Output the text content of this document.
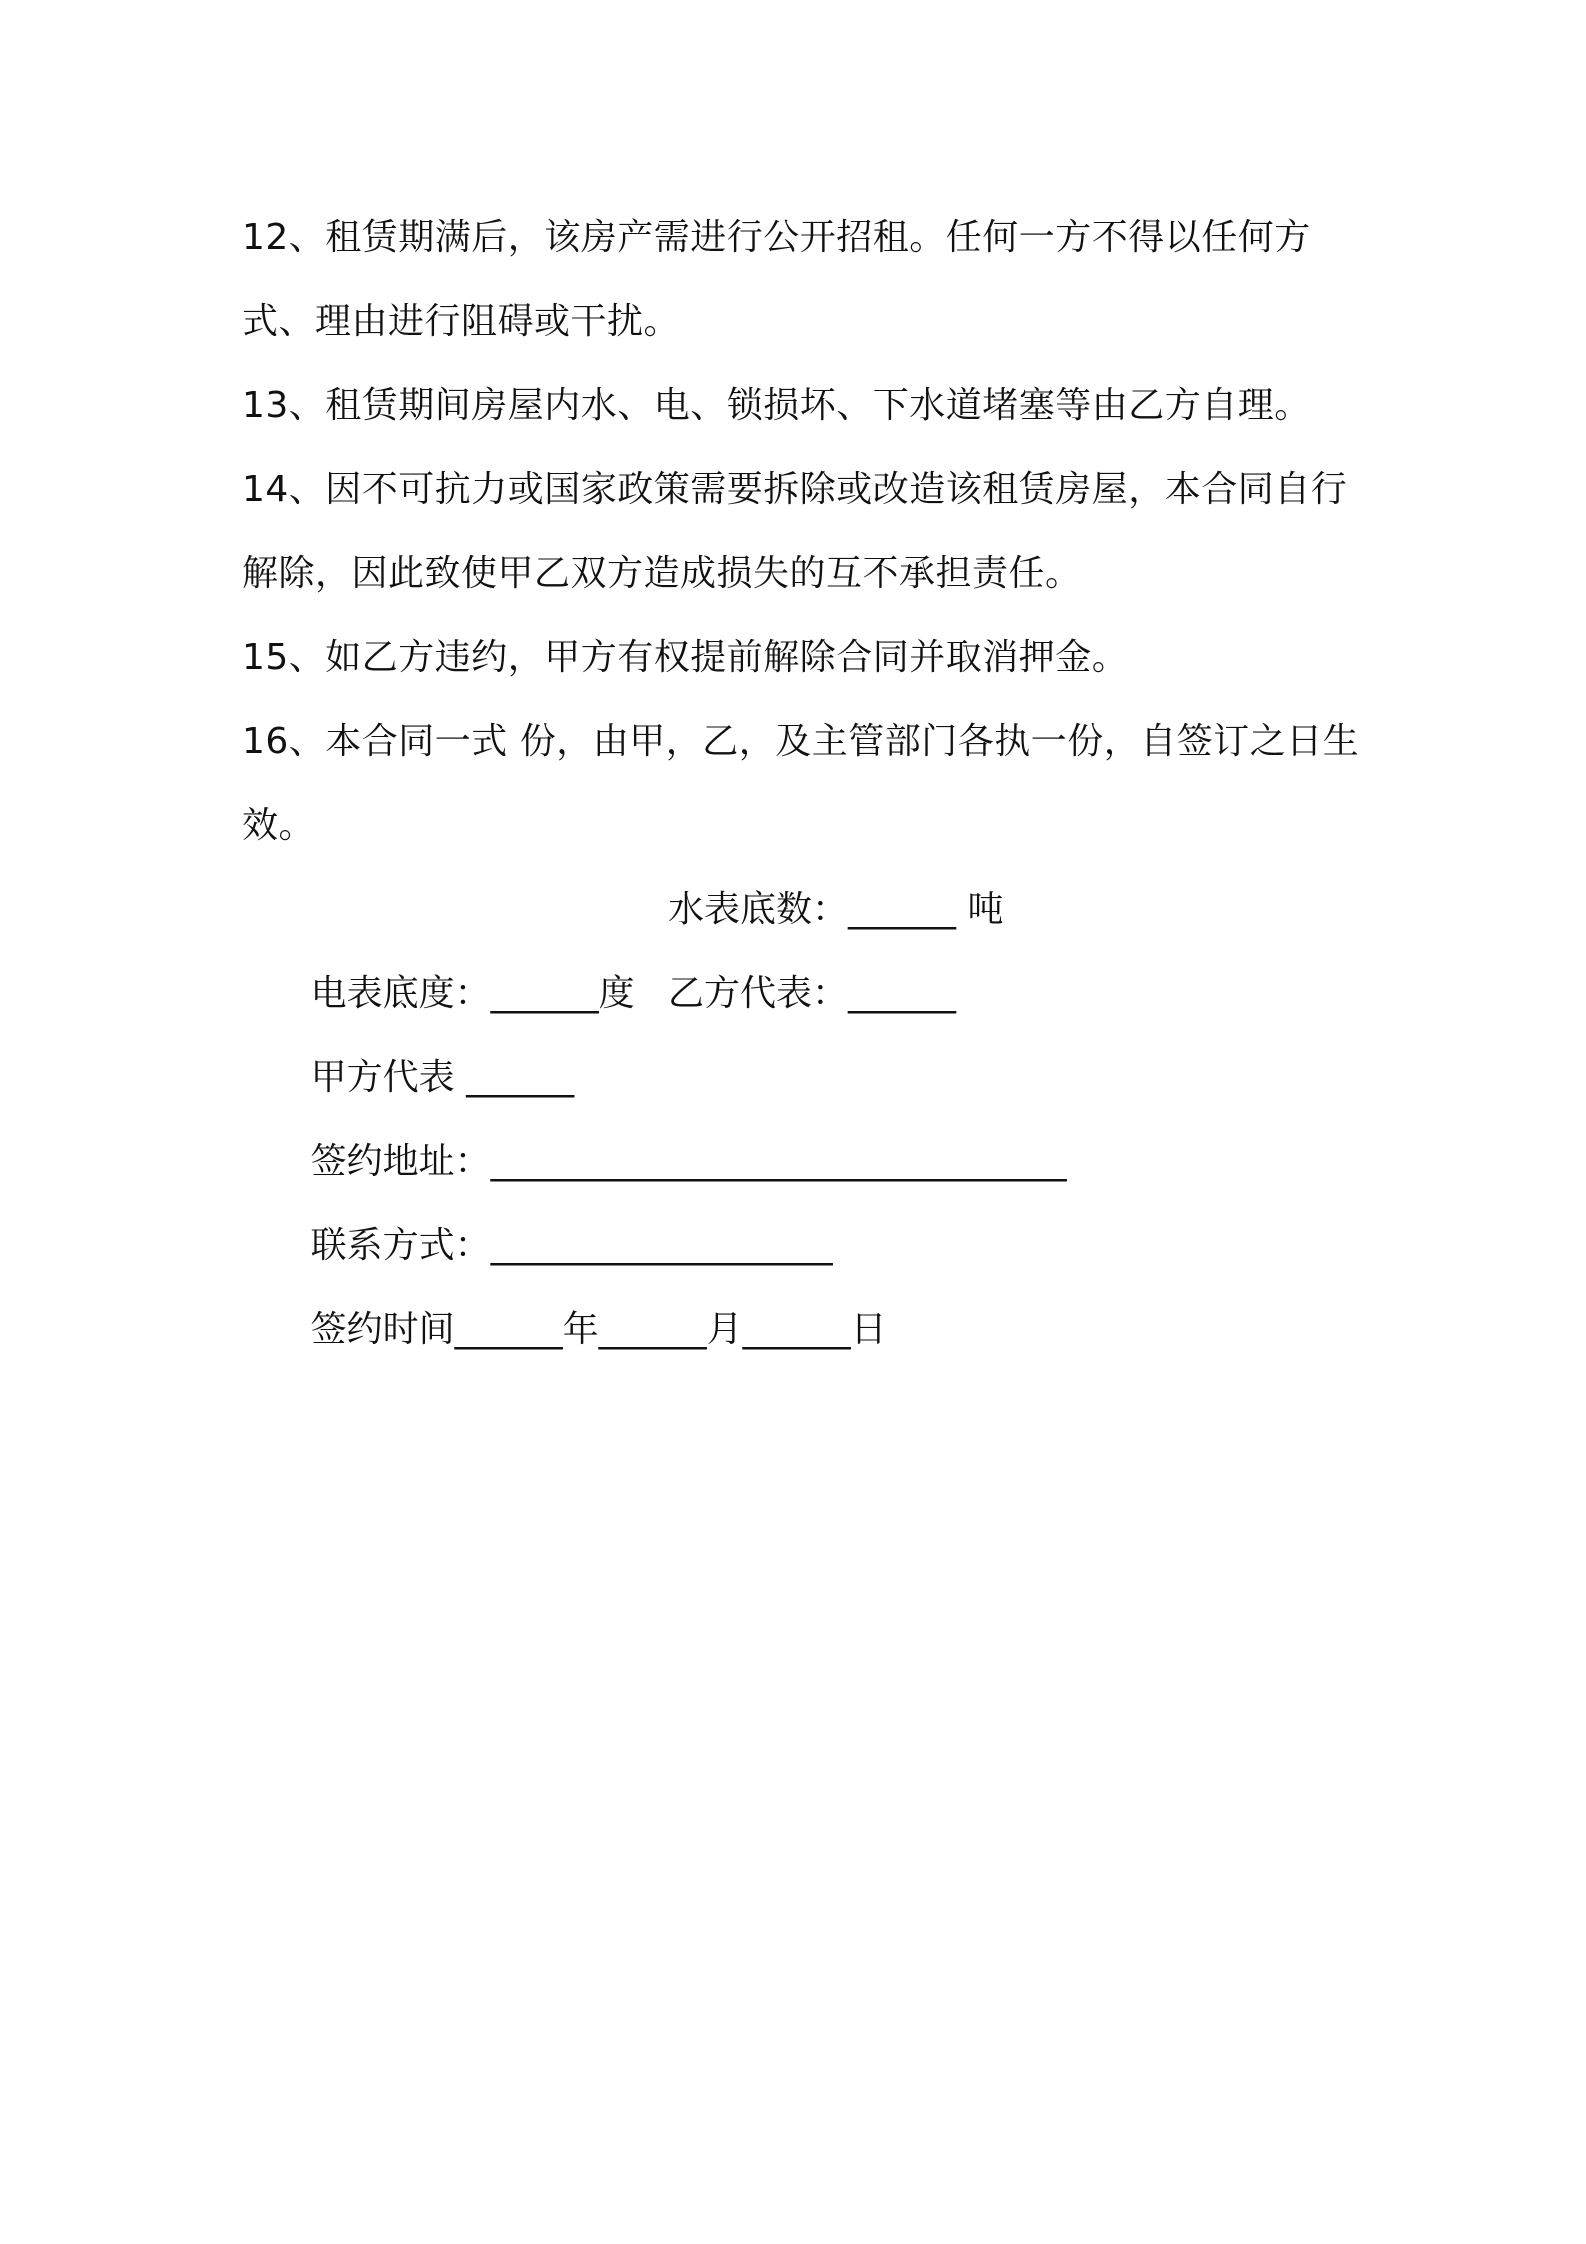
12、租赁期满后，该房产需进行公开招租。任何一方不得以任何方式、理由进行阻碍或干扰。

13、租赁期间房屋内水、电、锁损坏、下水道堵塞等由乙方自理。

14、因不可抗力或国家政策需要拆除或改造该租赁房屋，本合同自行解除，因此致使甲乙双方造成损失的互不承担责任。

15、如乙方违约，甲方有权提前解除合同并取消押金。

16、本合同一式 份，由甲，乙，及主管部门各执一份，自签订之日生效。

电表底度：______度

水表底数：______ 吨

甲方代表 ______

乙方代表：______

签约地址：________________________________

联系方式：___________________

签约时间______年______月______日
